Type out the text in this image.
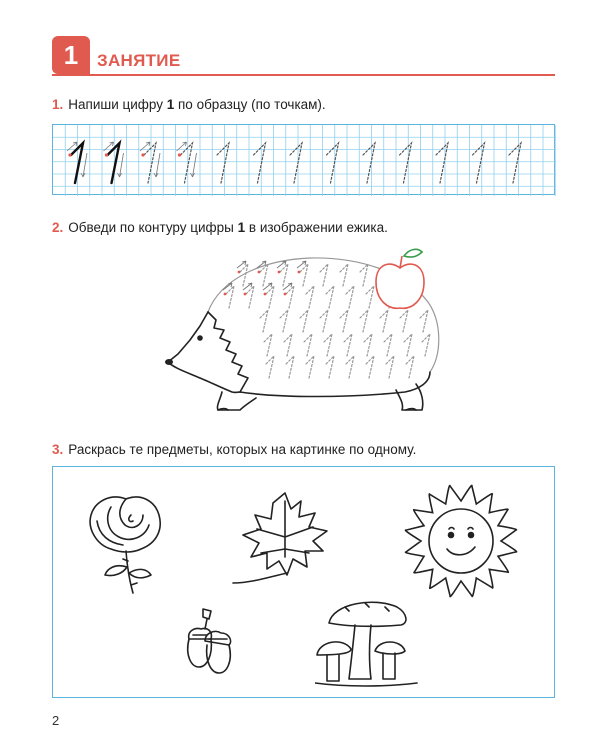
1	ЗАНЯТИЕ
1. Напиши цифру 1 по образцу (по точкам).
2. Обведи по контуру цифры 1 в изображении ежика.
3. Раскрась те предметы, которых на картинке по одному.
2
